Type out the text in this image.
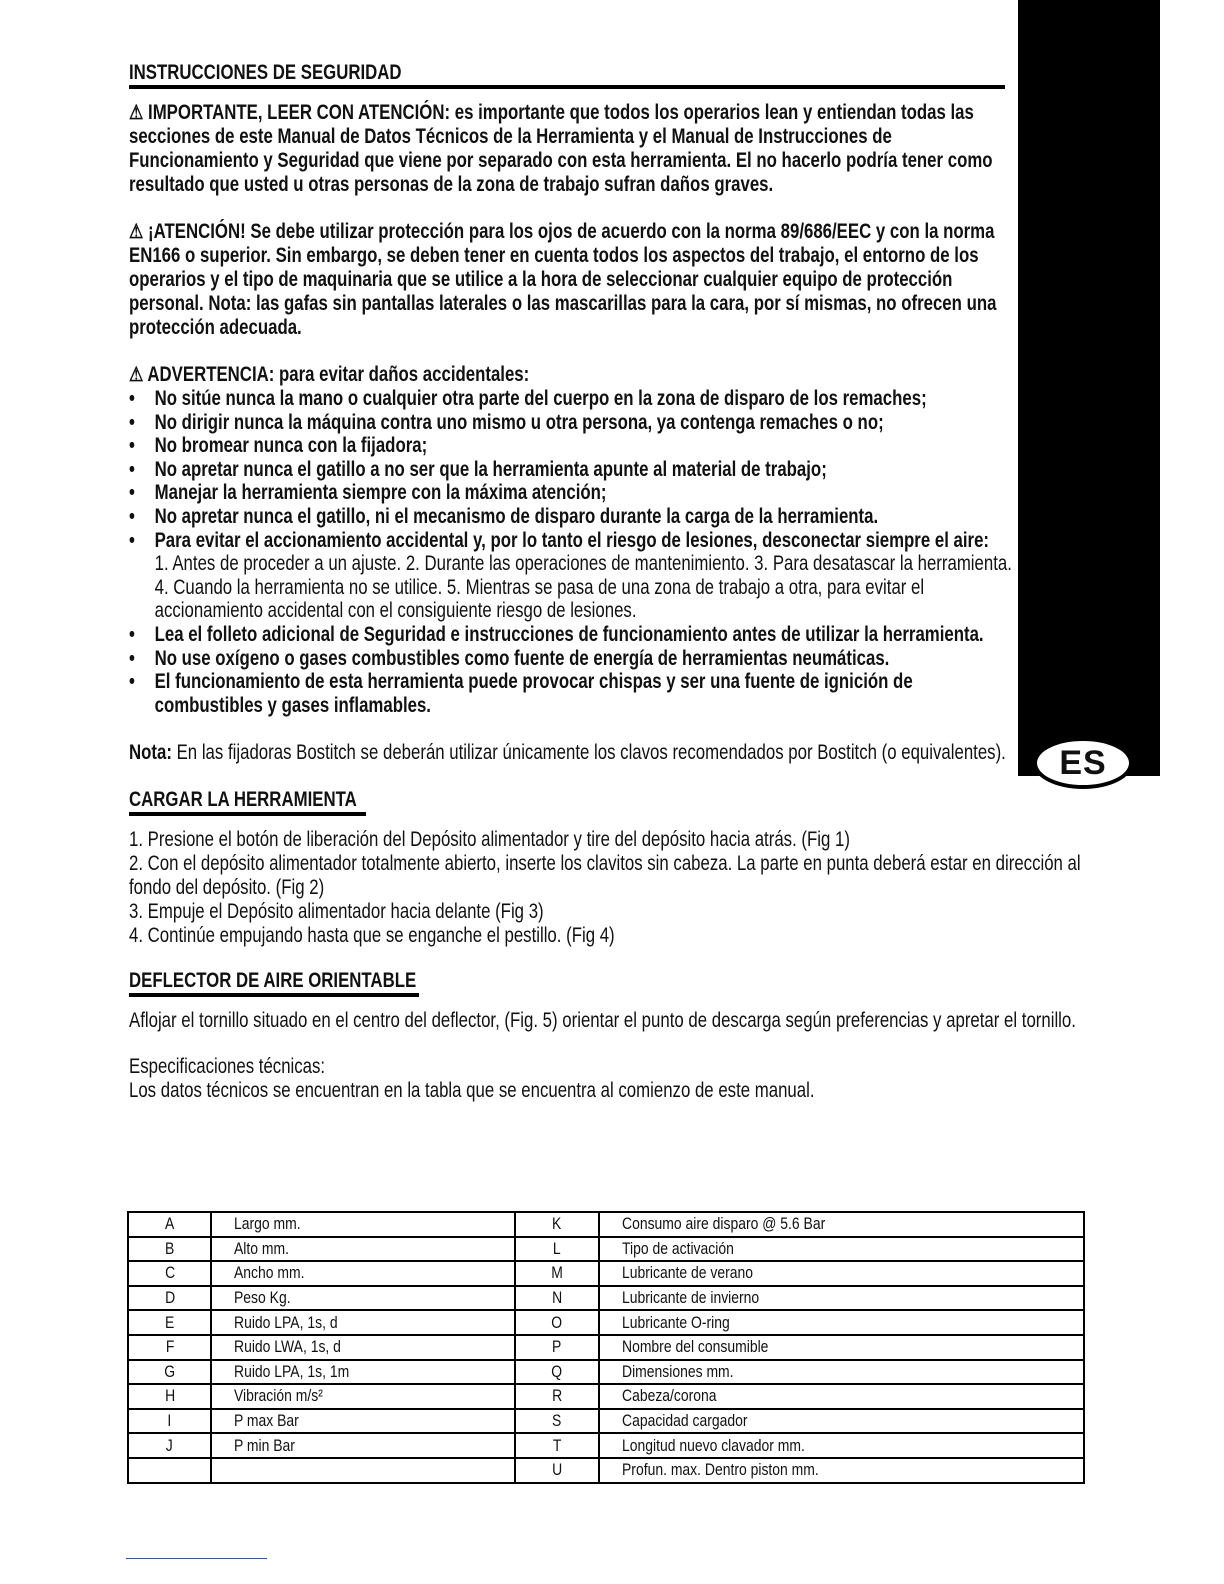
ES
INSTRUCCIONES DE SEGURIDAD

⚠ IMPORTANTE, LEER CON ATENCIÓN: es importante que todos los operarios lean y entiendan todas las secciones de este Manual de Datos Técnicos de la Herramienta y el Manual de Instrucciones de Funcionamiento y Seguridad que viene por separado con esta herramienta. El no hacerlo podría tener como resultado que usted u otras personas de la zona de trabajo sufran daños graves.

⚠ ¡ATENCIÓN! Se debe utilizar protección para los ojos de acuerdo con la norma 89/686/EEC y con la norma EN166 o superior. Sin embargo, se deben tener en cuenta todos los aspectos del trabajo, el entorno de los operarios y el tipo de maquinaria que se utilice a la hora de seleccionar cualquier equipo de protección personal. Nota: las gafas sin pantallas laterales o las mascarillas para la cara, por sí mismas, no ofrecen una protección adecuada.

⚠ ADVERTENCIA: para evitar daños accidentales:

• No sitúe nunca la mano o cualquier otra parte del cuerpo en la zona de disparo de los remaches;
• No dirigir nunca la máquina contra uno mismo u otra persona, ya contenga remaches o no;
• No bromear nunca con la fijadora;
• No apretar nunca el gatillo a no ser que la herramienta apunte al material de trabajo;
• Manejar la herramienta siempre con la máxima atención;
• No apretar nunca el gatillo, ni el mecanismo de disparo durante la carga de la herramienta.
• Para evitar el accionamiento accidental y, por lo tanto el riesgo de lesiones, desconectar siempre el aire:
1. Antes de proceder a un ajuste. 2. Durante las operaciones de mantenimiento. 3. Para desatascar la herramienta. 4. Cuando la herramienta no se utilice. 5. Mientras se pasa de una zona de trabajo a otra, para evitar el accionamiento accidental con el consiguiente riesgo de lesiones.
• Lea el folleto adicional de Seguridad e instrucciones de funcionamiento antes de utilizar la herramienta.
• No use oxígeno o gases combustibles como fuente de energía de herramientas neumáticas.
• El funcionamiento de esta herramienta puede provocar chispas y ser una fuente de ignición de combustibles y gases inflamables.

Nota: En las fijadoras Bostitch se deberán utilizar únicamente los clavos recomendados por Bostitch (o equivalentes).

CARGAR LA HERRAMIENTA

1. Presione el botón de liberación del Depósito alimentador y tire del depósito hacia atrás. (Fig 1)

2. Con el depósito alimentador totalmente abierto, inserte los clavitos sin cabeza. La parte en punta deberá estar en dirección al fondo del depósito. (Fig 2)

3. Empuje el Depósito alimentador hacia delante (Fig 3)

4. Continúe empujando hasta que se enganche el pestillo. (Fig 4)

DEFLECTOR DE AIRE ORIENTABLE

Aflojar el tornillo situado en el centro del deflector, (Fig. 5) orientar el punto de descarga según preferencias y apretar el tornillo.

Especificaciones técnicas:

Los datos técnicos se encuentran en la tabla que se encuentra al comienzo de este manual.

A	Largo mm.	K	Consumo aire disparo @ 5.6 Bar
B	Alto mm.	L	Tipo de activación
C	Ancho mm.	M	Lubricante de verano
D	Peso Kg.	N	Lubricante de invierno
E	Ruido LPA, 1s, d	O	Lubricante O-ring
F	Ruido LWA, 1s, d	P	Nombre del consumible
G	Ruido LPA, 1s, 1m	Q	Dimensiones mm.
H	Vibración m/s²	R	Cabeza/corona
I	P max Bar	S	Capacidad cargador
J	P min Bar	T	Longitud nuevo clavador mm.
		U	Profun. max. Dentro piston mm.
